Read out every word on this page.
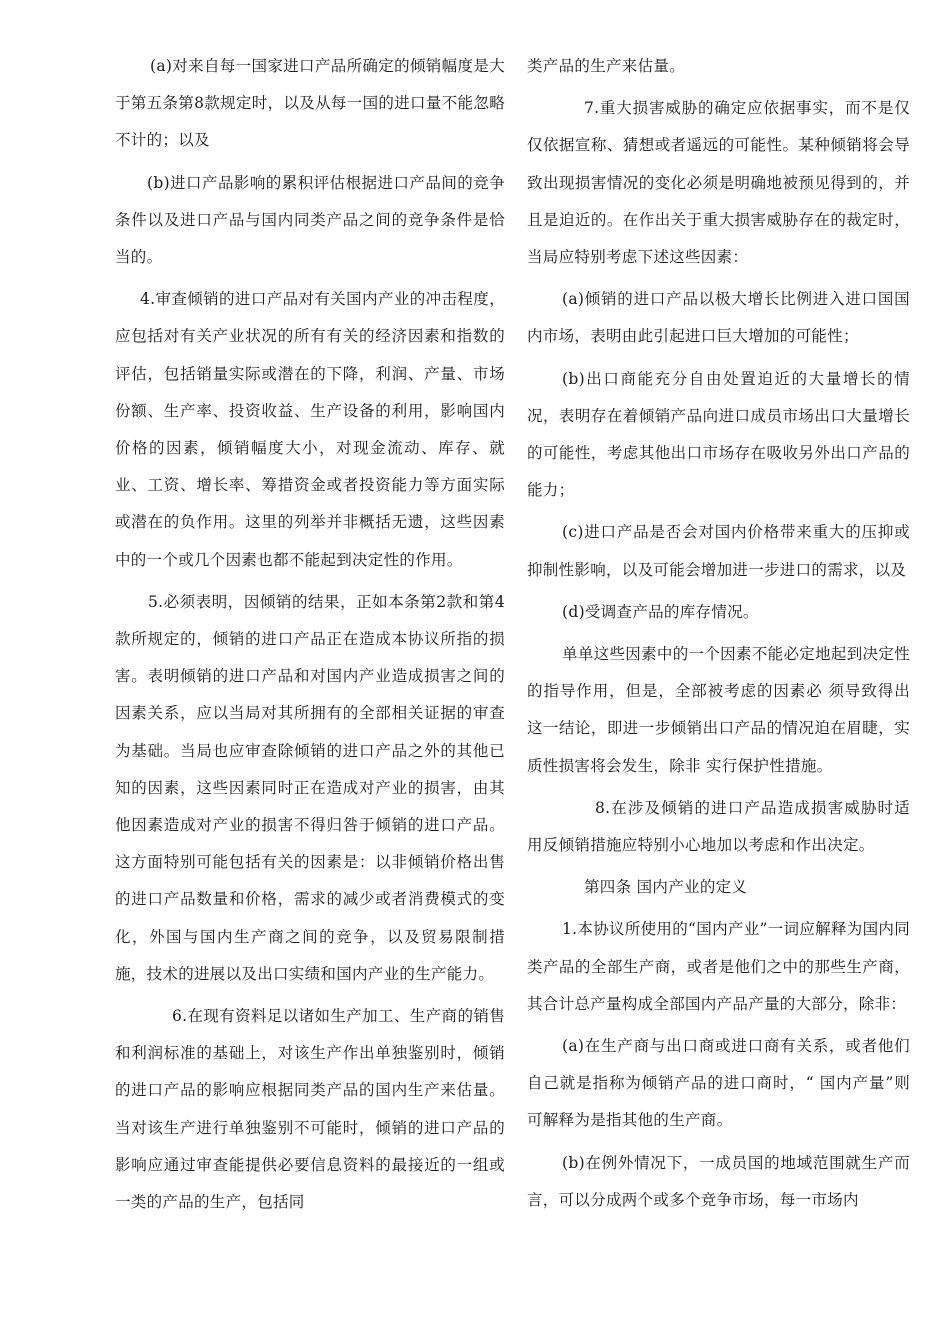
(a)对来自每一国家进口产品所确定的倾销幅度是大于第五条第8款规定时，以及从每一国的进口量不能忽略不计的；以及

(b)进口产品影响的累积评估根据进口产品间的竞争条件以及进口产品与国内同类产品之间的竞争条件是恰当的。

4.审查倾销的进口产品对有关国内产业的冲击程度，应包括对有关产业状况的所有有关的经济因素和指数的评估，包括销量实际或潜在的下降，利润、产量、市场份额、生产率、投资收益、生产设备的利用，影响国内价格的因素，倾销幅度大小，对现金流动、库存、就业、工资、增长率、筹措资金或者投资能力等方面实际或潜在的负作用。这里的列举并非概括无遗，这些因素中的一个或几个因素也都不能起到决定性的作用。

5.必须表明，因倾销的结果，正如本条第2款和第4款所规定的，倾销的进口产品正在造成本协议所指的损害。表明倾销的进口产品和对国内产业造成损害之间的因素关系，应以当局对其所拥有的全部相关证据的审查为基础。当局也应审查除倾销的进口产品之外的其他已知的因素，这些因素同时正在造成对产业的损害，由其他因素造成对产业的损害不得归咎于倾销的进口产品。这方面特别可能包括有关的因素是：以非倾销价格出售的进口产品数量和价格，需求的减少或者消费模式的变化，外国与国内生产商之间的竞争，以及贸易限制措施，技术的进展以及出口实绩和国内产业的生产能力。

6.在现有资料足以诸如生产加工、生产商的销售和利润标准的基础上，对该生产作出单独鉴别时，倾销的进口产品的影响应根据同类产品的国内生产来估量。当对该生产进行单独鉴别不可能时，倾销的进口产品的影响应通过审查能提供必要信息资料的最接近的一组或一类的产品的生产，包括同

类产品的生产来估量。

7.重大损害威胁的确定应依据事实，而不是仅仅依据宣称、猜想或者遥远的可能性。某种倾销将会导致出现损害情况的变化必须是明确地被预见得到的，并且是迫近的。在作出关于重大损害威胁存在的裁定时，当局应特别考虑下述这些因素：

(a)倾销的进口产品以极大增长比例进入进口国国内市场，表明由此引起进口巨大增加的可能性；

(b)出口商能充分自由处置迫近的大量增长的情况，表明存在着倾销产品向进口成员市场出口大量增长的可能性，考虑其他出口市场存在吸收另外出口产品的能力；

(c)进口产品是否会对国内价格带来重大的压抑或抑制性影响，以及可能会增加进一步进口的需求，以及

(d)受调查产品的库存情况。

单单这些因素中的一个因素不能必定地起到决定性的指导作用，但是，全部被考虑的因素必 须导致得出这一结论，即进一步倾销出口产品的情况迫在眉睫，实质性损害将会发生，除非 实行保护性措施。

8.在涉及倾销的进口产品造成损害威胁时适用反倾销措施应特别小心地加以考虑和作出决定。

第四条 国内产业的定义

1.本协议所使用的“国内产业”一词应解释为国内同类产品的全部生产商，或者是他们之中的那些生产商，其合计总产量构成全部国内产品产量的大部分，除非：

(a)在生产商与出口商或进口商有关系，或者他们自己就是指称为倾销产品的进口商时，“ 国内产量”则可解释为是指其他的生产商。

(b)在例外情况下，一成员国的地域范围就生产而言，可以分成两个或多个竞争市场，每一市场内
